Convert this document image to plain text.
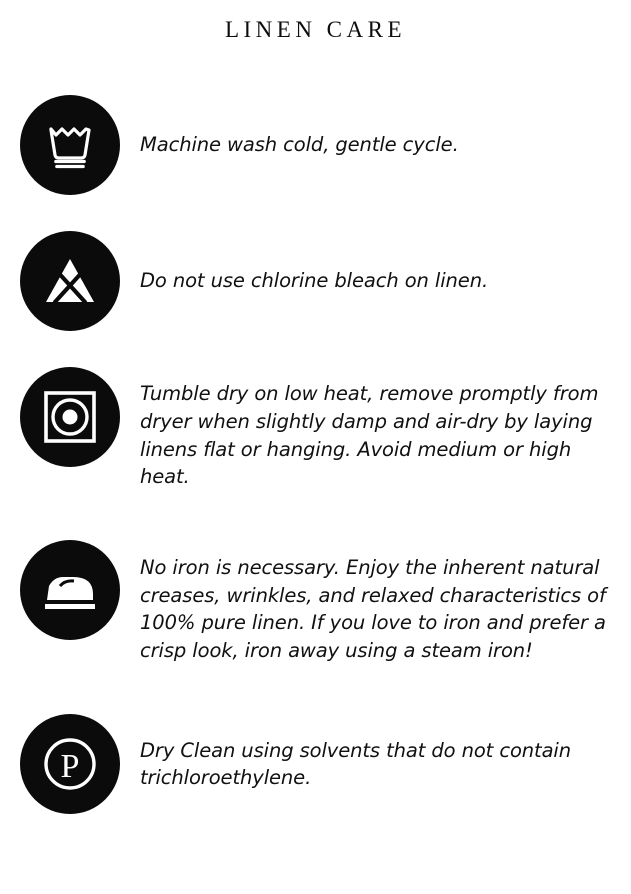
LINEN CARE

Machine wash cold, gentle cycle.

Do not use chlorine bleach on linen.

Tumble dry on low heat, remove promptly from dryer when slightly damp and air-dry by laying linens flat or hanging. Avoid medium or high heat.

No iron is necessary. Enjoy the inherent natural creases, wrinkles, and relaxed characteristics of 100% pure linen. If you love to iron and prefer a crisp look, iron away using a steam iron!

P	Dry Clean using solvents that do not contain trichloroethylene.
